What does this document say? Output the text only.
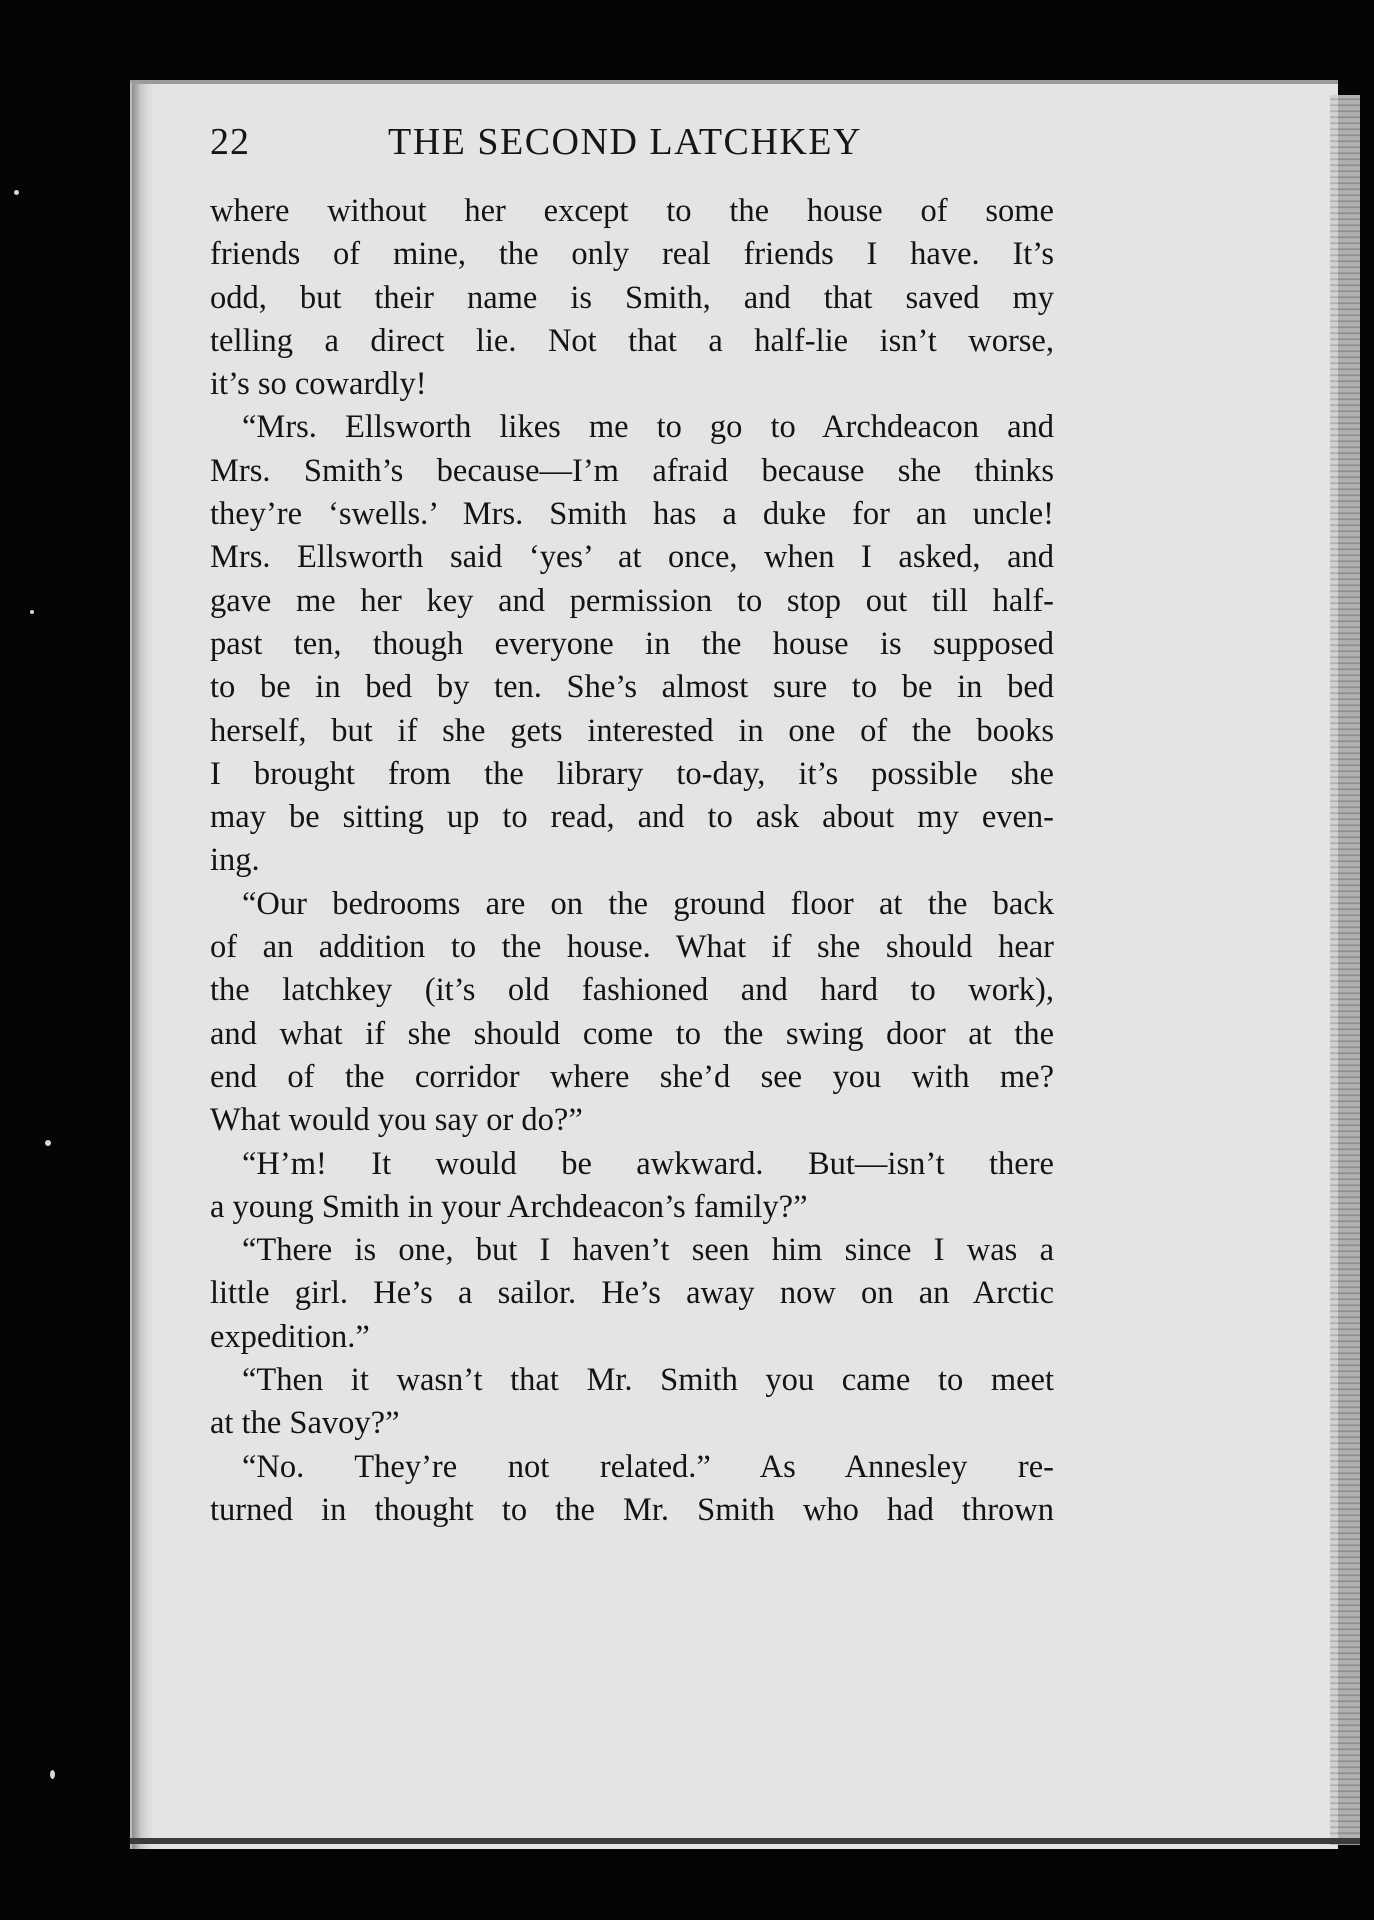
22	THE SECOND LATCHKEY
where without her except to the house of some
friends of mine, the only real friends I have. It’s
odd, but their name is Smith, and that saved my
telling a direct lie. Not that a half-lie isn’t worse,
it’s so cowardly!
“Mrs. Ellsworth likes me to go to Archdeacon and
Mrs. Smith’s because—I’m afraid because she thinks
they’re ‘swells.’ Mrs. Smith has a duke for an uncle!
Mrs. Ellsworth said ‘yes’ at once, when I asked, and
gave me her key and permission to stop out till half-
past ten, though everyone in the house is supposed
to be in bed by ten. She’s almost sure to be in bed
herself, but if she gets interested in one of the books
I brought from the library to-day, it’s possible she
may be sitting up to read, and to ask about my even-
ing.
“Our bedrooms are on the ground floor at the back
of an addition to the house. What if she should hear
the latchkey (it’s old fashioned and hard to work),
and what if she should come to the swing door at the
end of the corridor where she’d see you with me?
What would you say or do?”
“H’m! It would be awkward. But—isn’t there
a young Smith in your Archdeacon’s family?”
“There is one, but I haven’t seen him since I was a
little girl. He’s a sailor. He’s away now on an Arctic
expedition.”
“Then it wasn’t that Mr. Smith you came to meet
at the Savoy?”
“No. They’re not related.” As Annesley re-
turned in thought to the Mr. Smith who had thrown
